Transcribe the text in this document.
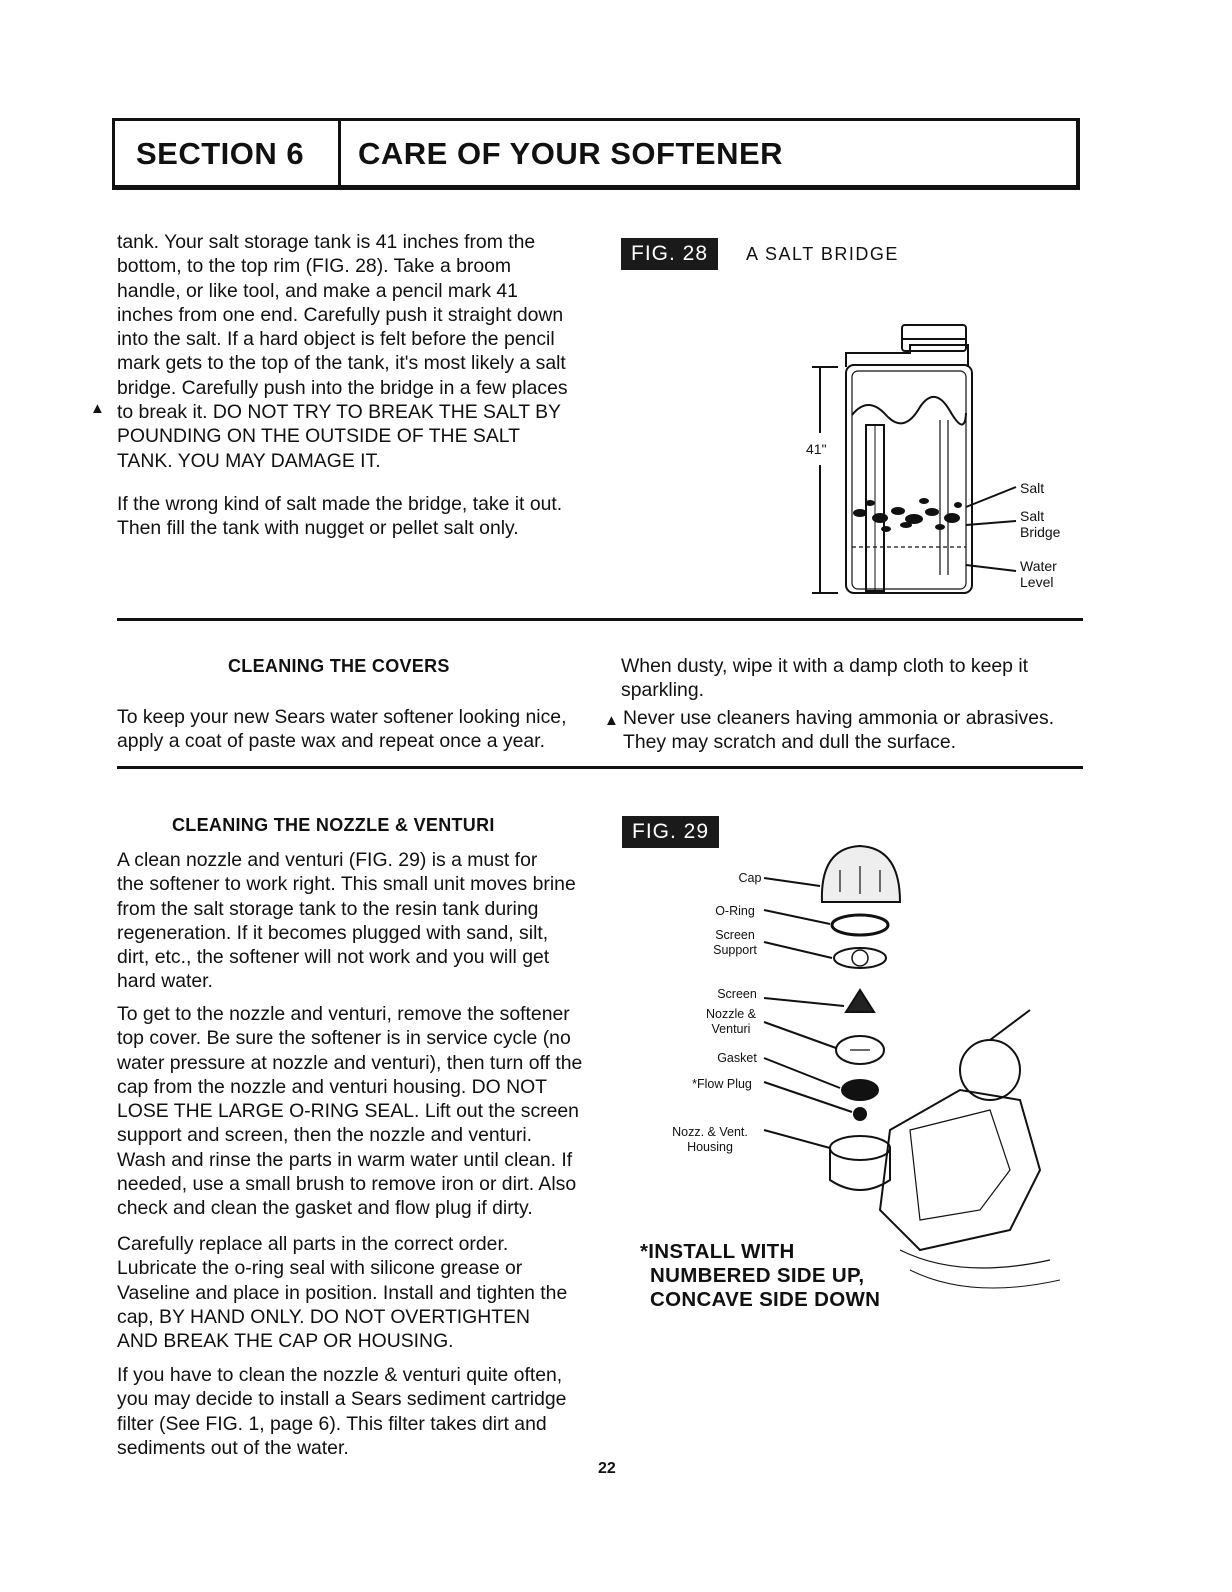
SECTION 6 CARE OF YOUR SOFTENER
tank. Your salt storage tank is 41 inches from the
bottom, to the top rim (FIG. 28). Take a broom
handle, or like tool, and make a pencil mark 41
inches from one end. Carefully push it straight down
into the salt. If a hard object is felt before the pencil
mark gets to the top of the tank, it's most likely a salt
bridge. Carefully push into the bridge in a few places
to break it. DO NOT TRY TO BREAK THE SALT BY
POUNDING ON THE OUTSIDE OF THE SALT
TANK. YOU MAY DAMAGE IT.
▲
If the wrong kind of salt made the bridge, take it out.
Then fill the tank with nugget or pellet salt only.
FIG. 28	A SALT BRIDGE
41"
Salt
Salt
Bridge
Water
Level
CLEANING THE COVERS
To keep your new Sears water softener looking nice,
apply a coat of paste wax and repeat once a year.
When dusty, wipe it with a damp cloth to keep it
sparkling.
▲ Never use cleaners having ammonia or abrasives.
They may scratch and dull the surface.
CLEANING THE NOZZLE & VENTURI
A clean nozzle and venturi (FIG. 29) is a must for
the softener to work right. This small unit moves brine
from the salt storage tank to the resin tank during
regeneration. If it becomes plugged with sand, silt,
dirt, etc., the softener will not work and you will get
hard water.
To get to the nozzle and venturi, remove the softener
top cover. Be sure the softener is in service cycle (no
water pressure at nozzle and venturi), then turn off the
cap from the nozzle and venturi housing. DO NOT
LOSE THE LARGE O-RING SEAL. Lift out the screen
support and screen, then the nozzle and venturi.
Wash and rinse the parts in warm water until clean. If
needed, use a small brush to remove iron or dirt. Also
check and clean the gasket and flow plug if dirty.
Carefully replace all parts in the correct order.
Lubricate the o-ring seal with silicone grease or
Vaseline and place in position. Install and tighten the
cap, BY HAND ONLY. DO NOT OVERTIGHTEN
AND BREAK THE CAP OR HOUSING.
If you have to clean the nozzle & venturi quite often,
you may decide to install a Sears sediment cartridge
filter (See FIG. 1, page 6). This filter takes dirt and
sediments out of the water.
FIG. 29
Cap
O-Ring
Screen
Support
Screen
Nozzle &
Venturi
Gasket
*Flow Plug
Nozz. & Vent.
Housing
*INSTALL WITH
NUMBERED SIDE UP,
CONCAVE SIDE DOWN
22
